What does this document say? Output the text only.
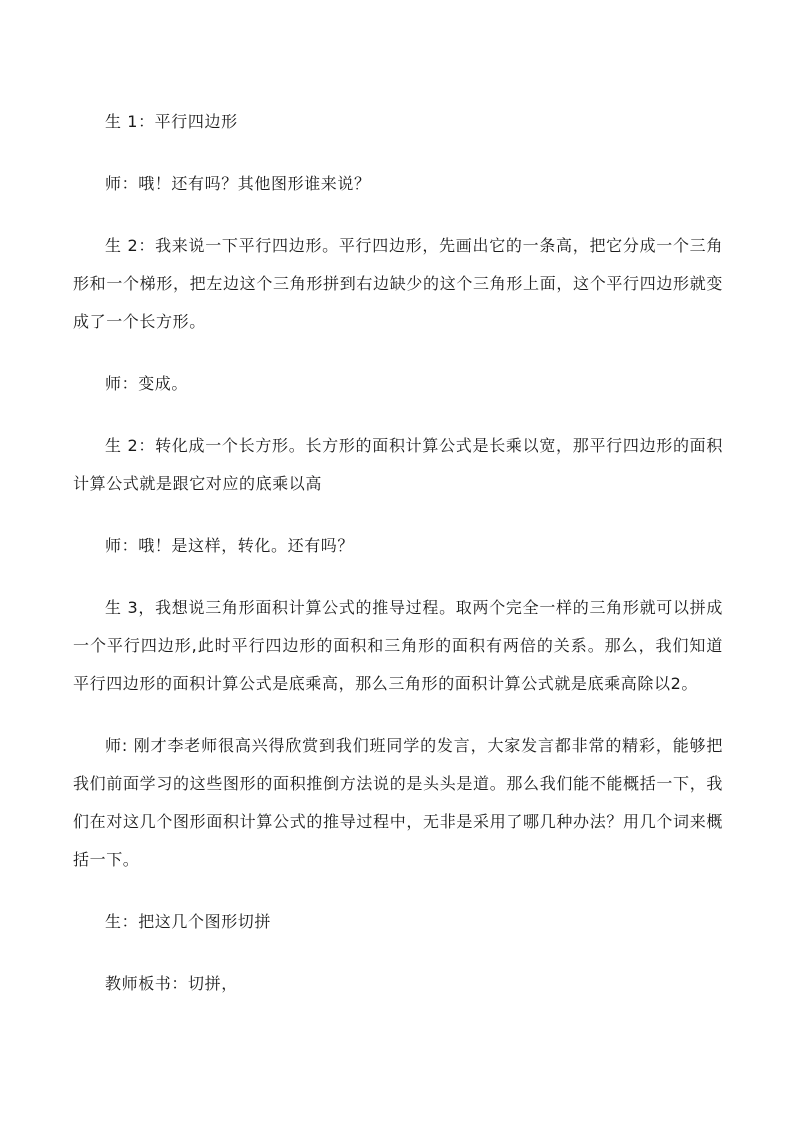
生 1：平行四边形

师：哦！还有吗？其他图形谁来说？

生 2：我来说一下平行四边形。平行四边形，先画出它的一条高，把它分成一个三角形和一个梯形，把左边这个三角形拼到右边缺少的这个三角形上面，这个平行四边形就变成了一个长方形。

师：变成。

生 2：转化成一个长方形。长方形的面积计算公式是长乘以宽，那平行四边形的面积计算公式就是跟它对应的底乘以高

师：哦！是这样，转化。还有吗？

生 3，我想说三角形面积计算公式的推导过程。取两个完全一样的三角形就可以拼成一个平行四边形,此时平行四边形的面积和三角形的面积有两倍的关系。那么，我们知道平行四边形的面积计算公式是底乘高，那么三角形的面积计算公式就是底乘高除以2。

师: 刚才李老师很高兴得欣赏到我们班同学的发言，大家发言都非常的精彩，能够把我们前面学习的这些图形的面积推倒方法说的是头头是道。那么我们能不能概括一下，我们在对这几个图形面积计算公式的推导过程中，无非是采用了哪几种办法？用几个词来概括一下。

生：把这几个图形切拼

教师板书：切拼，
